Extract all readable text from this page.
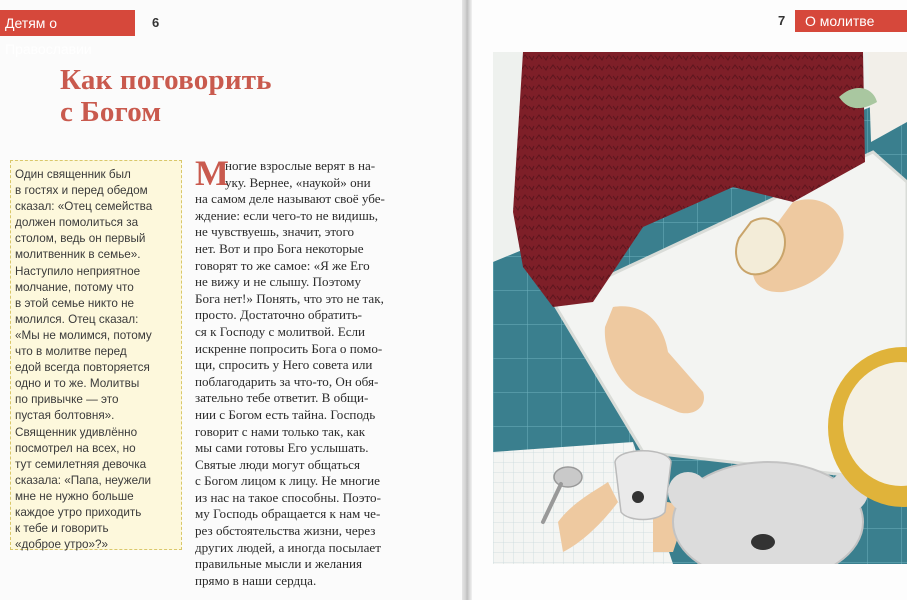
Детям о Православии
6	7	О молитве
Как поговорить
с Богом
Один священник был
в гостях и перед обедом
сказал: «Отец семейства
должен помолиться за
столом, ведь он первый
молитвенник в семье».
Наступило неприятное
молчание, потому что
в этой семье никто не
молился. Отец сказал:
«Мы не молимся, потому
что в молитве перед
едой всегда повторяется
одно и то же. Молитвы
по привычке — это
пустая болтовня».
Священник удивлённо
посмотрел на всех, но
тут семилетняя девочка
сказала: «Папа, неужели
мне не нужно больше
каждое утро приходить
к тебе и говорить
«доброе утро»?»
М
ногие взрослые верят в на-
уку. Вернее, «наукой» они
на самом деле называют своё убе-
ждение: если чего-то не видишь,
не чувствуешь, значит, этого
нет. Вот и про Бога некоторые
говорят то же самое: «Я же Его
не вижу и не слышу. Поэтому
Бога нет!» Понять, что это не так,
просто. Достаточно обратить-
ся к Господу с молитвой. Если
искренне попросить Бога о помо-
щи, спросить у Него совета или
поблагодарить за что-то, Он обя-
зательно тебе ответит. В общи-
нии с Богом есть тайна. Господь
говорит с нами только так, как
мы сами готовы Его услышать.
Святые люди могут общаться
с Богом лицом к лицу. Не многие
из нас на такое способны. Поэто-
му Господь обращается к нам че-
рез обстоятельства жизни, через
других людей, а иногда посылает
правильные мысли и желания
прямо в наши сердца.
